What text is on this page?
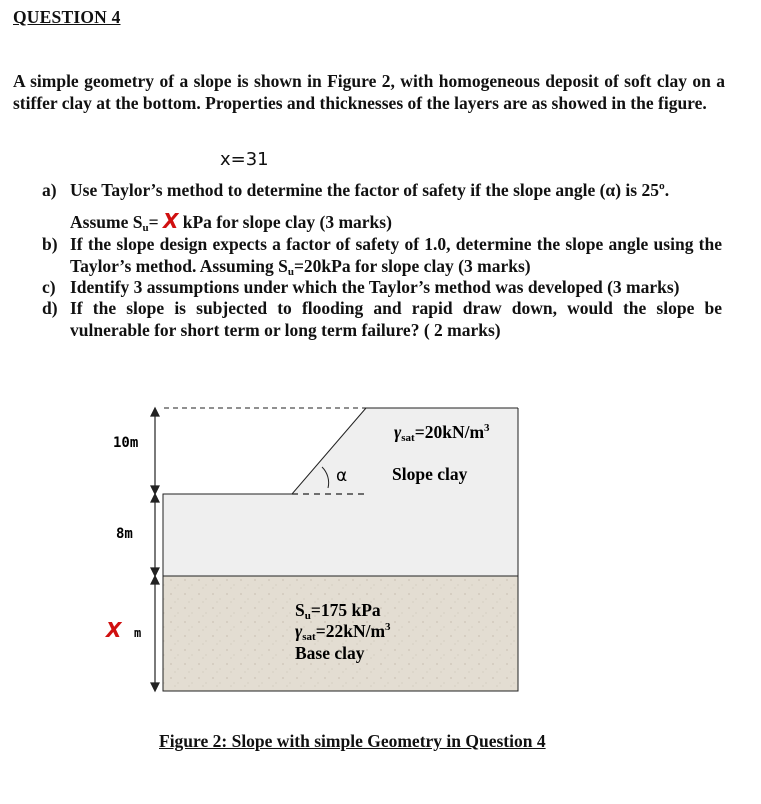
QUESTION 4
A simple geometry of a slope is shown in Figure 2, with homogeneous deposit of soft clay on a stiffer clay at the bottom. Properties and thicknesses of the layers are as showed in the figure.
x=31
a) Use Taylor’s method to determine the factor of safety if the slope angle (α) is 25º.
Assume $S_u= X$ kPa for slope clay (3 marks)
b) If the slope design expects a factor of safety of 1.0, determine the slope angle using the Taylor’s method. Assuming $S_u=20kPa$ for slope clay (3 marks)
c) Identify 3 assumptions under which the Taylor’s method was developed (3 marks)
d) If the slope is subjected to flooding and rapid draw down, would the slope be vulnerable for short term or long term failure? ( 2 marks)
10m
8m
X m
α
$\gamma sat=20kN/m^3$
Slope clay
Su=175 kPa
$\gamma sat=22kN/m^3$
Base clay
Figure 2: Slope with simple Geometry in Question 4
